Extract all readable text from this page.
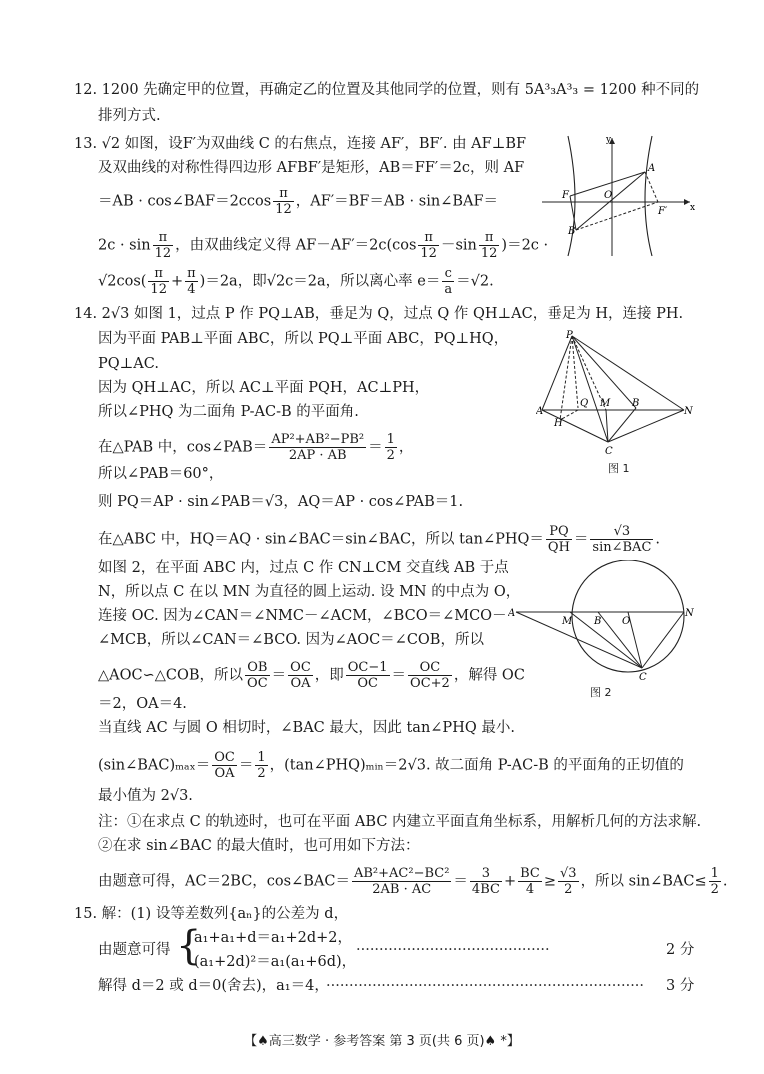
12. 1200 先确定甲的位置，再确定乙的位置及其他同学的位置，则有 5A³₃A³₃ = 1200 种不同的
排列方式.
13. √2 如图，设F′为双曲线 C 的右焦点，连接 AF′，BF′. 由 AF⊥BF
及双曲线的对称性得四边形 AFBF′是矩形，AB＝FF′＝2c，则 AF
＝AB · cos∠BAF＝2ccos $\frac{\pi}{12}$ ，AF′＝BF＝AB · sin∠BAF＝
$2c \cdot \sin \frac{\pi}{12}$ ，由双曲线定义得 $AF-AF'=2c(\cos \frac{\pi}{12} -\sin \frac{\pi}{12} )=2c$ ·
$√2\cos( \frac{\pi}{12} + \frac{\pi}{4} )=2a$，即√2c＝2a，所以离心率 $e= \frac{c}{a} =√2$.
y
A
F	O
F′	x
B
14. 2√3 如图 1，过点 P 作 PQ⊥AB，垂足为 Q，过点 Q 作 QH⊥AC，垂足为 H，连接 PH.
因为平面 PAB⊥平面 ABC，所以 PQ⊥平面 ABC，PQ⊥HQ，
PQ⊥AC.
因为 QH⊥AC，所以 AC⊥平面 PQH，AC⊥PH，
所以∠PHQ 为二面角 P-AC-B 的平面角.
在△PAB 中，cos∠PAB＝ $\frac{\text{AP²+AB²−PB²}}{2AP \cdot AB} = \frac{1}{2}$ ，
所以∠PAB＝60°，
则 PQ＝AP · sin∠PAB＝√3，AQ＝AP · cos∠PAB＝1.
在△ABC 中，HQ＝AQ · sin∠BAC＝sin∠BAC，所以 tan∠PHQ＝ $\frac{PQ}{QH} = \frac{√3}{\text{sin∠BAC}}$ .
如图 2，在平面 ABC 内，过点 C 作 CN⊥CM 交直线 AB 于点
N，所以点 C 在以 MN 为直径的圆上运动. 设 MN 的中点为 O，
连接 OC. 因为∠CAN＝∠NMC－∠ACM，∠BCO＝∠MCO－
∠MCB，所以∠CAN＝∠BCO. 因为∠AOC＝∠COB，所以
△AOC∽△COB，所以 $\frac{OB}{OC} = \frac{OC}{OA}$ ，即 $\frac{OC-1}{OC} = \frac{OC}{OC+2}$ ，解得 OC
＝2，OA＝4.
当直线 AC 与圆 O 相切时，∠BAC 最大，因此 tan∠PHQ 最小.
(sin∠BAC)ₘₐₓ＝ $\frac{OC}{OA} = \frac{1}{2}$ ，(tan∠PHQ)ₘᵢₙ＝2√3. 故二面角 P-AC-B 的平面角的正切值的
最小值为 2√3.
注：①在求点 C 的轨迹时，也可在平面 ABC 内建立平面直角坐标系，用解析几何的方法求解.
②在求 sin∠BAC 的最大值时，也可用如下方法：
由题意可得，AC＝2BC，cos∠BAC＝ $\frac{\text{AB²+AC²−BC²}}{2AB \cdot AC} = \frac{3}{4BC} + \frac{BC}{4} \ge \frac{√3}{2}$ ，所以 sin∠BAC≤ $\frac{1}{2}$ .
P
A
Q M B
N
H
C
图 1
A
M B O
N
C
图 2
15. 解：(1) 设等差数列{aₙ}的公差为 d，
由题意可得 {
a₁+a₁+d＝a₁+2d+2，
(a₁+2d)²＝a₁(a₁+6d)，
··········································	2 分
解得 d＝2 或 d＝0(舍去)，a₁＝4，
····································································· 3 分
【♠高三数学 · 参考答案 第 3 页(共 6 页)♠ *】
